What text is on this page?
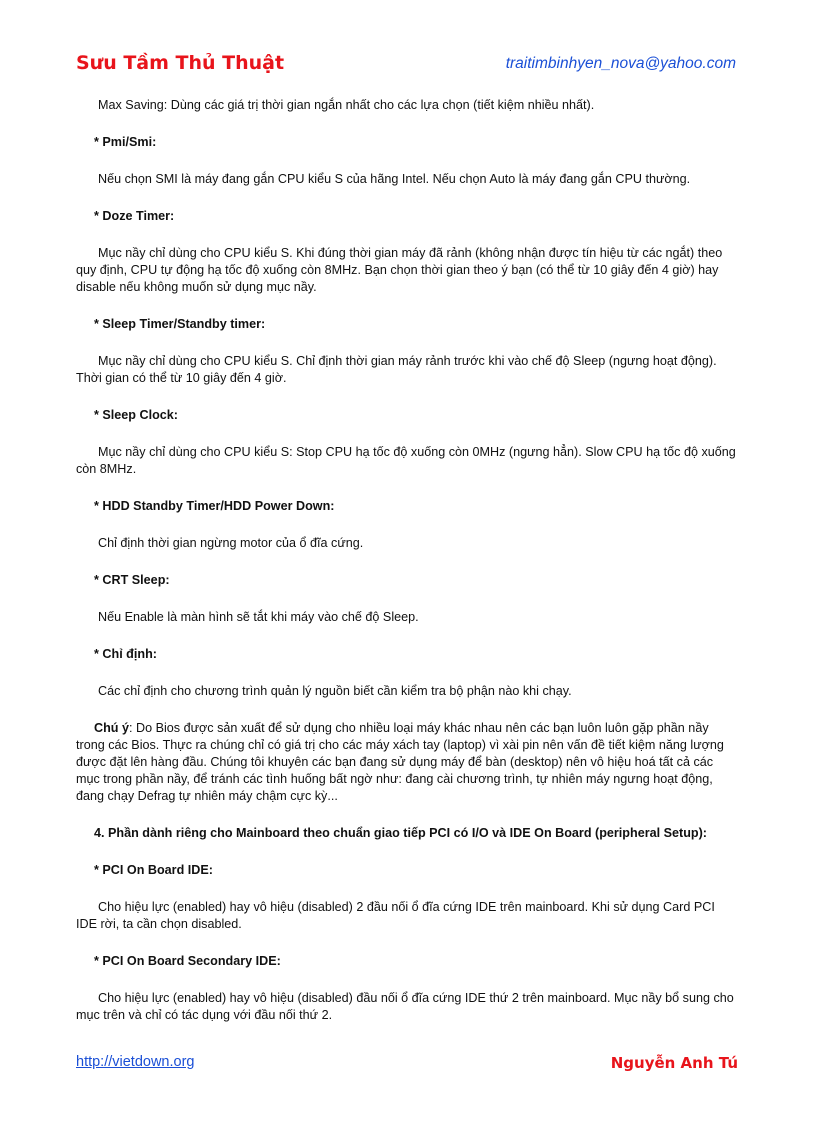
Sưu Tầm Thủ Thuật	traitimbinhyen_nova@yahoo.com

Max Saving: Dùng các giá trị thời gian ngắn nhất cho các lựa chọn (tiết kiệm nhiều nhất).

* Pmi/Smi:

Nếu chọn SMI là máy đang gắn CPU kiểu S của hãng Intel. Nếu chọn Auto là máy đang gắn CPU thường.

* Doze Timer:

Mục nầy chỉ dùng cho CPU kiểu S. Khi đúng thời gian máy đã rảnh (không nhận được tín hiệu từ các ngắt) theo quy định, CPU tự động hạ tốc độ xuống còn 8MHz. Bạn chọn thời gian theo ý bạn (có thể từ 10 giây đến 4 giờ) hay disable nếu không muốn sử dụng mục nầy.

* Sleep Timer/Standby timer:

Mục nầy chỉ dùng cho CPU kiểu S. Chỉ định thời gian máy rảnh trước khi vào chế độ Sleep (ngưng hoạt động). Thời gian có thể từ 10 giây đến 4 giờ.

* Sleep Clock:

Mục nầy chỉ dùng cho CPU kiểu S: Stop CPU hạ tốc độ xuống còn 0MHz (ngưng hẳn). Slow CPU hạ tốc độ xuống còn 8MHz.

* HDD Standby Timer/HDD Power Down:

Chỉ định thời gian ngừng motor của ổ đĩa cứng.

* CRT Sleep:

Nếu Enable là màn hình sẽ tắt khi máy vào chế độ Sleep.

* Chỉ định:

Các chỉ định cho chương trình quản lý nguồn biết cần kiểm tra bộ phận nào khi chạy.

Chú ý: Do Bios được sản xuất để sử dụng cho nhiều loại máy khác nhau nên các bạn luôn luôn gặp phần nầy trong các Bios. Thực ra chúng chỉ có giá trị cho các máy xách tay (laptop) vì xài pin nên vấn đề tiết kiệm năng lượng được đặt lên hàng đầu. Chúng tôi khuyên các bạn đang sử dụng máy để bàn (desktop) nên vô hiệu hoá tất cả các mục trong phần nầy, để tránh các tình huống bất ngờ như: đang cài chương trình, tự nhiên máy ngưng hoạt động, đang chạy Defrag tự nhiên máy chậm cực kỳ...

4. Phần dành riêng cho Mainboard theo chuẩn giao tiếp PCI có I/O và IDE On Board (peripheral Setup):

* PCI On Board IDE:

Cho hiệu lực (enabled) hay vô hiệu (disabled) 2 đầu nối ổ đĩa cứng IDE trên mainboard. Khi sử dụng Card PCI IDE rời, ta cần chọn disabled.

* PCI On Board Secondary IDE:

Cho hiệu lực (enabled) hay vô hiệu (disabled) đầu nối ổ đĩa cứng IDE thứ 2 trên mainboard. Mục nầy bổ sung cho mục trên và chỉ có tác dụng với đầu nối thứ 2.

http://vietdown.org	Nguyễn Anh Tú
